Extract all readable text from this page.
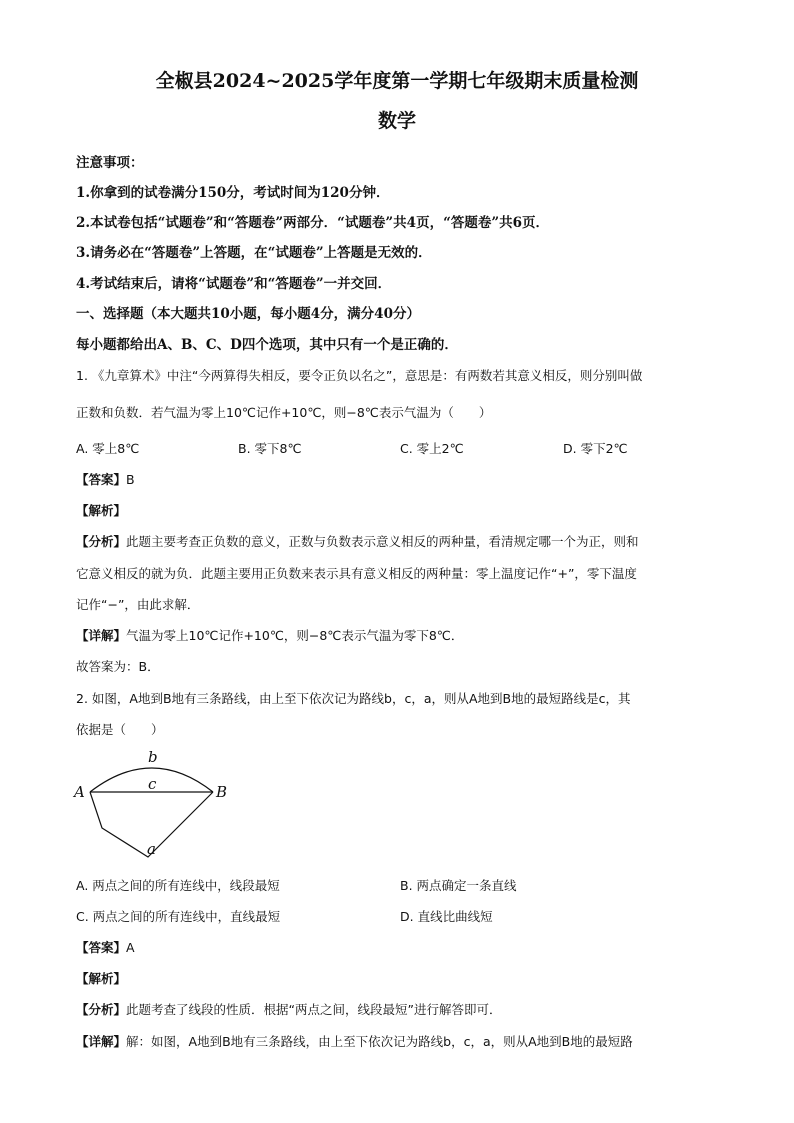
全椒县2024~2025学年度第一学期七年级期末质量检测
数学
注意事项：
1.你拿到的试卷满分150分，考试时间为120分钟．
2.本试卷包括“试题卷”和“答题卷”两部分．“试题卷”共4页，“答题卷”共6页．
3.请务必在“答题卷”上答题，在“试题卷”上答题是无效的．
4.考试结束后，请将“试题卷”和“答题卷”一并交回．
一、选择题（本大题共10小题，每小题4分，满分40分）
每小题都给出A、B、C、D四个选项，其中只有一个是正确的．
1. 《九章算术》中注“今两算得失相反，要令正负以名之”，意思是：有两数若其意义相反，则分别叫做
正数和负数．若气温为零上10℃记作+10℃，则−8℃表示气温为（　　）
A. 零上8℃	B. 零下8℃	C. 零上2℃	D. 零下2℃
【答案】B
【解析】
【分析】此题主要考查正负数的意义，正数与负数表示意义相反的两种量，看清规定哪一个为正，则和
它意义相反的就为负．此题主要用正负数来表示具有意义相反的两种量：零上温度记作“+”，零下温度
记作“−”，由此求解．
【详解】气温为零上10℃记作+10℃，则−8℃表示气温为零下8℃．
故答案为：B．
2. 如图，A地到B地有三条路线，由上至下依次记为路线b，c，a，则从A地到B地的最短路线是c，其
依据是（　　）
A	B
b
c
a
A. 两点之间的所有连线中，线段最短	B. 两点确定一条直线
C. 两点之间的所有连线中，直线最短	D. 直线比曲线短
【答案】A
【解析】
【分析】此题考查了线段的性质．根据“两点之间，线段最短”进行解答即可．
【详解】解：如图，A地到B地有三条路线，由上至下依次记为路线b，c，a，则从A地到B地的最短路
